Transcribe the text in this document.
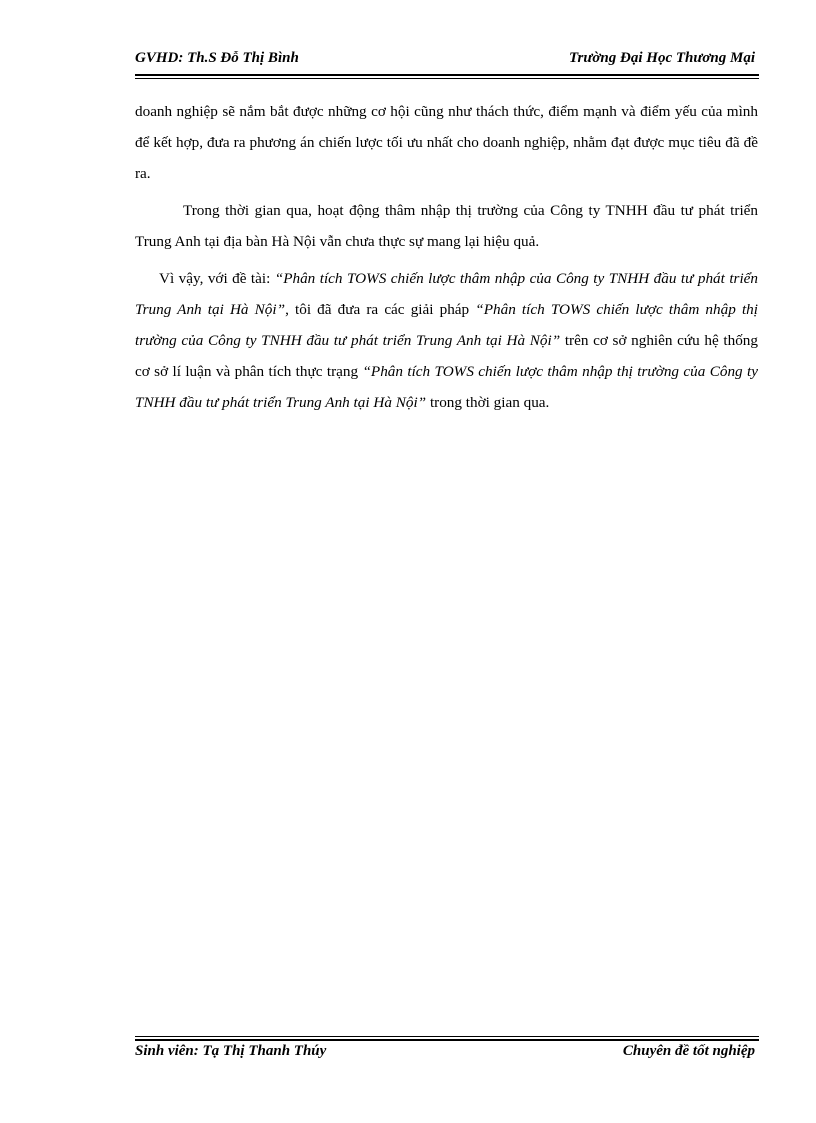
GVHD: Th.S Đỗ Thị Bình	Trường Đại Học Thương Mại

doanh nghiệp sẽ nắm bắt được những cơ hội cũng như thách thức, điểm mạnh và điểm yếu của mình để kết hợp, đưa ra phương án chiến lược tối ưu nhất cho doanh nghiệp, nhằm đạt được mục tiêu đã đề ra.

Trong thời gian qua, hoạt động thâm nhập thị trường của Công ty TNHH đầu tư phát triển Trung Anh tại địa bàn Hà Nội vẫn chưa thực sự mang lại hiệu quả.

Vì vậy, với đề tài: “Phân tích TOWS chiến lược thâm nhập của Công ty TNHH đầu tư phát triển Trung Anh tại Hà Nội”, tôi đã đưa ra các giải pháp “Phân tích TOWS chiến lược thâm nhập thị trường của Công ty TNHH đầu tư phát triển Trung Anh tại Hà Nội” trên cơ sở nghiên cứu hệ thống cơ sở lí luận và phân tích thực trạng “Phân tích TOWS chiến lược thâm nhập thị trường của Công ty TNHH đầu tư phát triển Trung Anh tại Hà Nội” trong thời gian qua.

Sinh viên: Tạ Thị Thanh Thúy	Chuyên đề tốt nghiệp
